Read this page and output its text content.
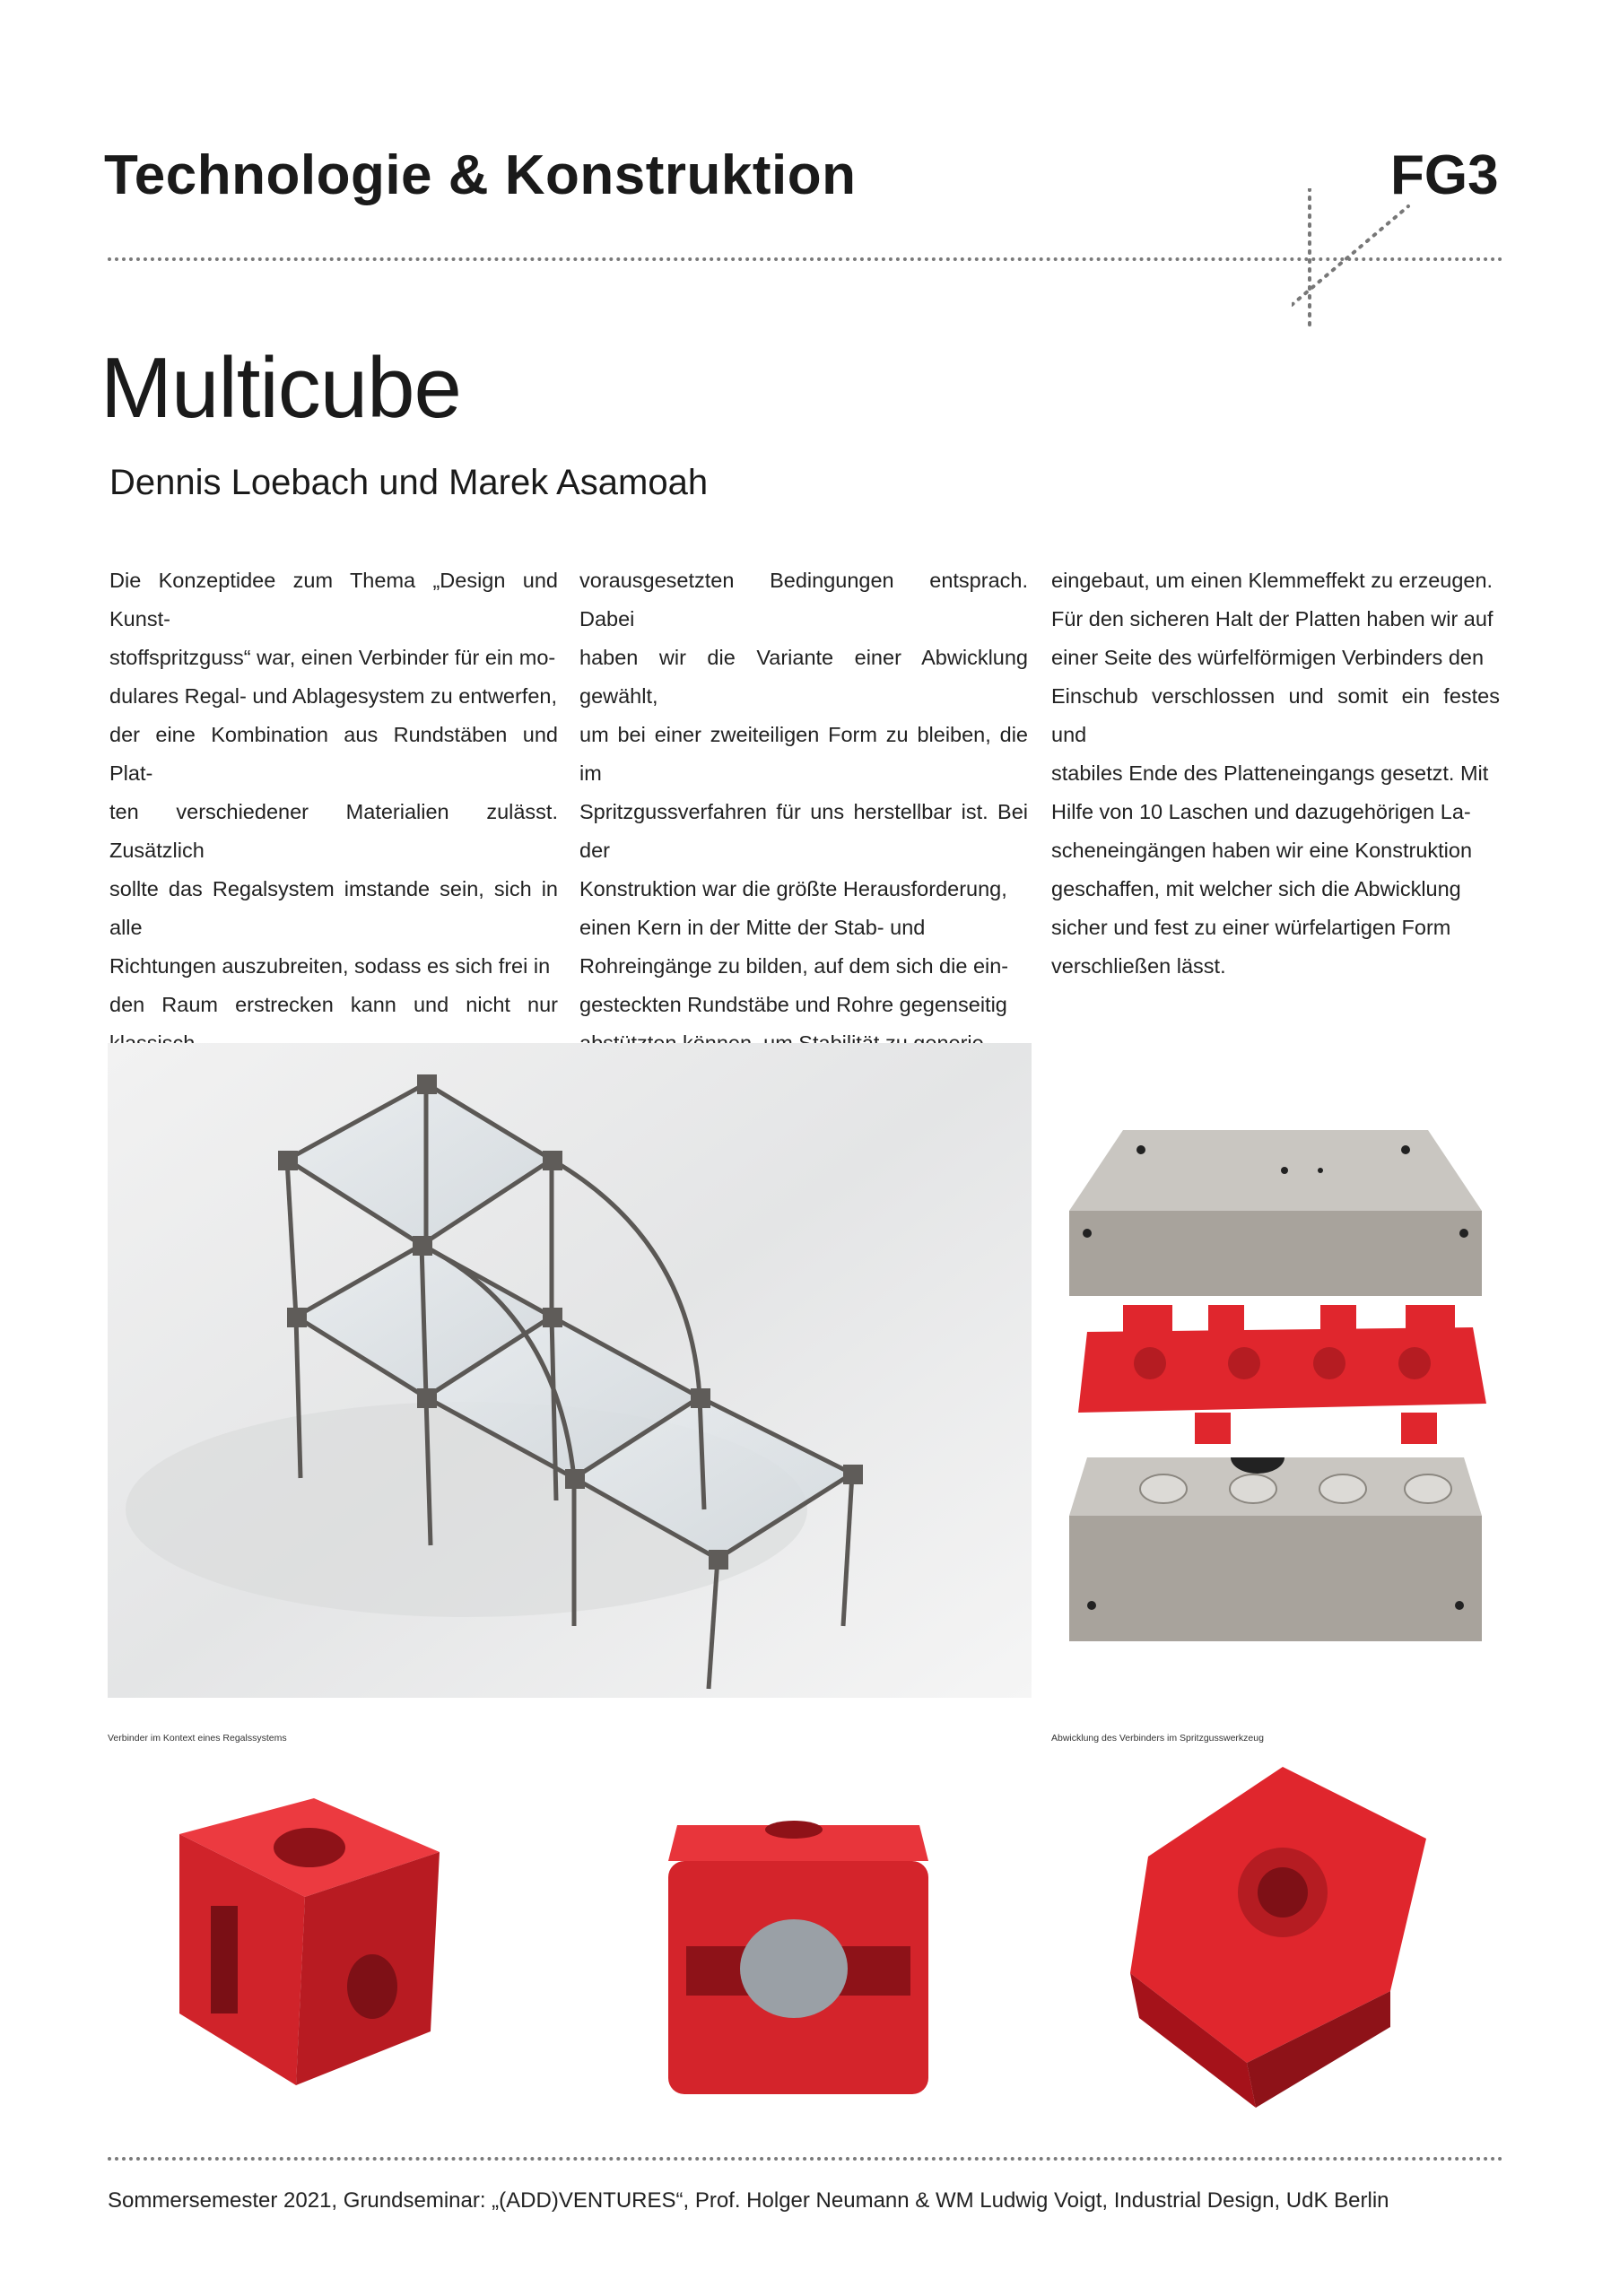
Technologie & Konstruktion	FG3
Multicube
Dennis Loebach und Marek Asamoah
Die Konzeptidee zum Thema „Design und Kunst-
stoffspritzguss“ war, einen Verbinder für ein mo-
dulares Regal- und Ablagesystem zu entwerfen,
der eine Kombination aus Rundstäben und Plat-
ten verschiedener Materialien zulässt. Zusätzlich
sollte das Regalsystem imstande sein, sich in alle
Richtungen auszubreiten, sodass es sich frei in
den Raum erstrecken kann und nicht nur
vorausgesetzten Bedingungen entsprach. Dabei
haben wir die Variante einer Abwicklung gewählt,
um bei einer zweiteiligen Form zu bleiben, die im
Spritzgussverfahren für uns herstellbar ist. Bei der
Konstruktion war die größte Herausforderung,
einen Kern in der Mitte der Stab- und
Rohreingänge zu bilden, auf dem sich die ein-
gesteckten Rundstäbe und Rohre gegenseitig
eingebaut, um einen Klemmeffekt zu erzeugen.
Für den sicheren Halt der Platten haben wir auf
einer Seite des würfelförmigen Verbinders den
Einschub verschlossen und somit ein festes und
stabiles Ende des Platteneingangs gesetzt. Mit
Hilfe von 10 Laschen und dazugehörigen La-
scheneingängen haben wir eine Konstruktion
geschaffen, mit welcher sich die Abwicklung
sicher und fest zu einer würfelartigen Form
verschließen lässt.
Verbinder im Kontext eines Regalssystems	Abwicklung des Verbinders im Spritzgusswerkzeug
Sommersemester 2021, Grundseminar: „(ADD)VENTURES“, Prof. Holger Neumann & WM Ludwig Voigt, Industrial Design, UdK Berlin
